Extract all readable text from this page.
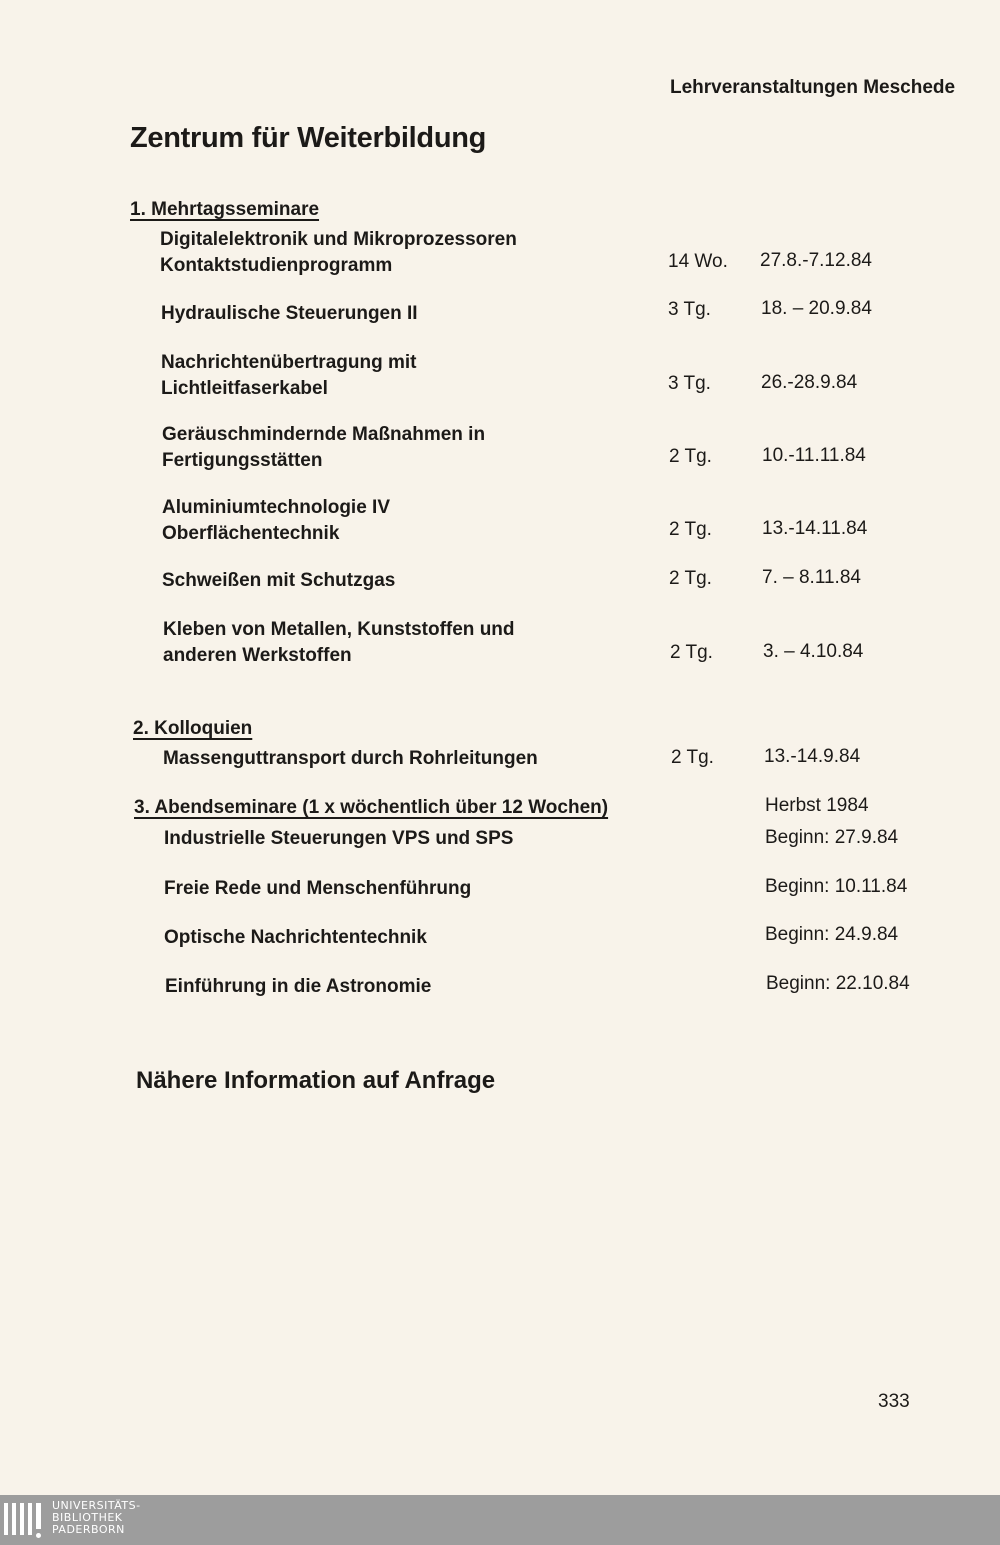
Lehrveranstaltungen Meschede
Zentrum für Weiterbildung
1. Mehrtagsseminare
Digitalelektronik und Mikroprozessoren
Kontaktstudienprogramm	14 Wo. 27.8.-7.12.84
Hydraulische Steuerungen II	3 Tg.	18. – 20.9.84
Nachrichtenübertragung mit
Lichtleitfaserkabel	3 Tg.	26.-28.9.84
Geräuschmindernde Maßnahmen in
Fertigungsstätten	2 Tg.	10.-11.11.84
Aluminiumtechnologie IV
Oberflächentechnik	2 Tg.	13.-14.11.84
Schweißen mit Schutzgas	2 Tg.	7. – 8.11.84
Kleben von Metallen, Kunststoffen und
anderen Werkstoffen	2 Tg.	3. – 4.10.84
2. Kolloquien
Massenguttransport durch Rohrleitungen	2 Tg.	13.-14.9.84
3. Abendseminare (1 x wöchentlich über 12 Wochen)	Herbst 1984
Industrielle Steuerungen VPS und SPS	Beginn: 27.9.84
Freie Rede und Menschenführung	Beginn: 10.11.84
Optische Nachrichtentechnik	Beginn: 24.9.84
Einführung in die Astronomie	Beginn: 22.10.84
Nähere Information auf Anfrage
333
UNIVERSITÄTS-
BIBLIOTHEK
PADERBORN
